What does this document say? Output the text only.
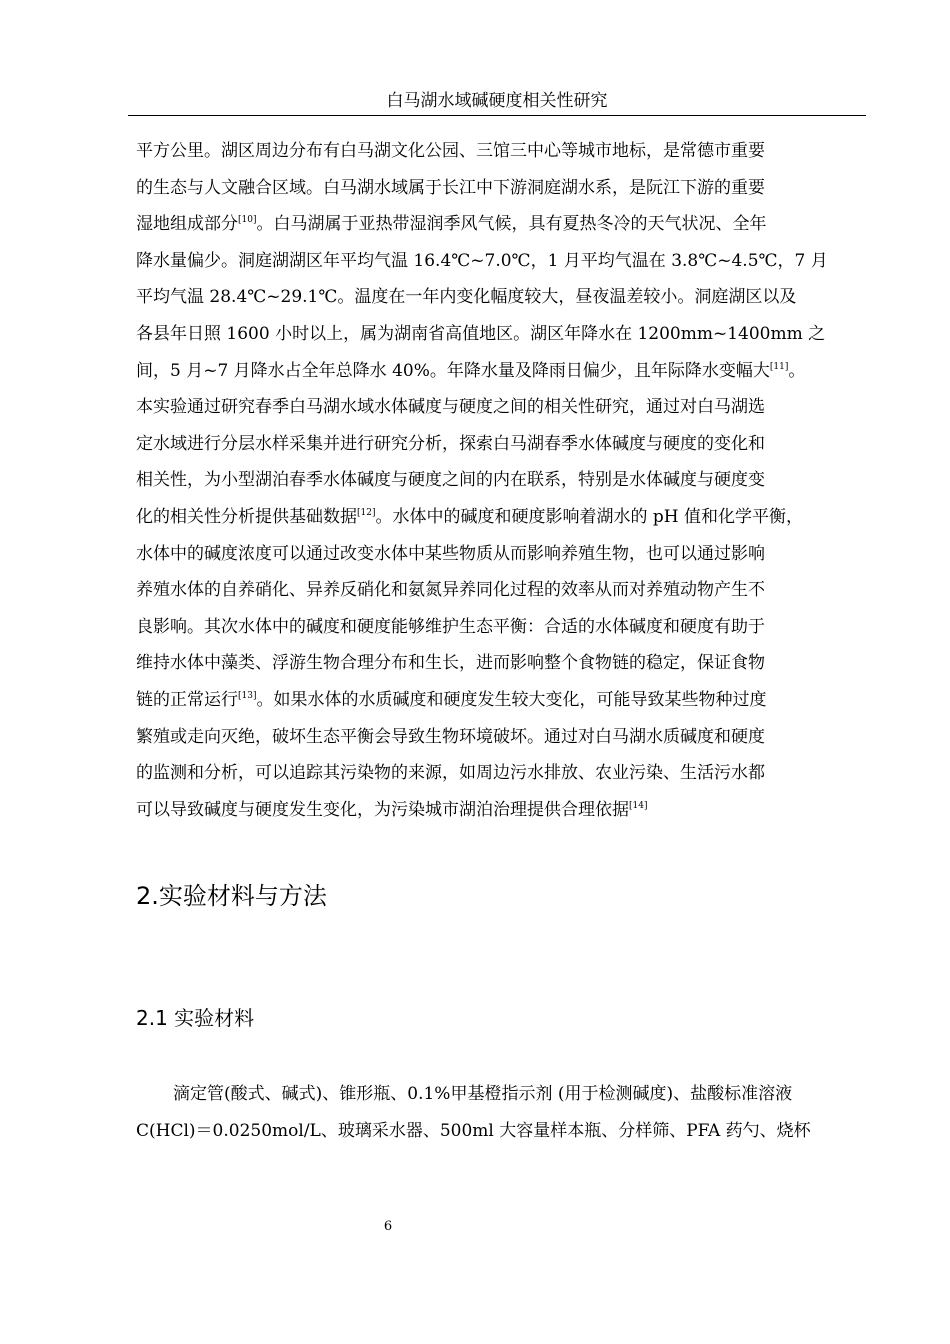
白马湖水域碱硬度相关性研究
平方公里。湖区周边分布有白马湖文化公园、三馆三中心等城市地标，是常德市重要
的生态与人文融合区域。白马湖水域属于长江中下游洞庭湖水系，是阮江下游的重要
湿地组成部分[10]。白马湖属于亚热带湿润季风气候，具有夏热冬冷的天气状况、全年
降水量偏少。洞庭湖湖区年平均气温 16.4℃~7.0℃，1 月平均气温在 3.8℃~4.5℃，7 月
平均气温 28.4℃~29.1℃。温度在一年内变化幅度较大，昼夜温差较小。洞庭湖区以及
各县年日照 1600 小时以上，属为湖南省高值地区。湖区年降水在 1200mm~1400mm 之
间，5 月~7 月降水占全年总降水 40%。年降水量及降雨日偏少，且年际降水变幅大[11]。
本实验通过研究春季白马湖水域水体碱度与硬度之间的相关性研究，通过对白马湖选
定水域进行分层水样采集并进行研究分析，探索白马湖春季水体碱度与硬度的变化和
相关性，为小型湖泊春季水体碱度与硬度之间的内在联系，特别是水体碱度与硬度变
化的相关性分析提供基础数据[12]。水体中的碱度和硬度影响着湖水的 pH 值和化学平衡，
水体中的碱度浓度可以通过改变水体中某些物质从而影响养殖生物，也可以通过影响
养殖水体的自养硝化、异养反硝化和氨氮异养同化过程的效率从而对养殖动物产生不
良影响。其次水体中的碱度和硬度能够维护生态平衡：合适的水体碱度和硬度有助于
维持水体中藻类、浮游生物合理分布和生长，进而影响整个食物链的稳定，保证食物
链的正常运行[13]。如果水体的水质碱度和硬度发生较大变化，可能导致某些物种过度
繁殖或走向灭绝，破坏生态平衡会导致生物环境破坏。通过对白马湖水质碱度和硬度
的监测和分析，可以追踪其污染物的来源，如周边污水排放、农业污染、生活污水都
可以导致碱度与硬度发生变化，为污染城市湖泊治理提供合理依据[14]
2.实验材料与方法
2.1 实验材料
滴定管(酸式、碱式)、锥形瓶、0.1%甲基橙指示剂 (用于检测碱度)、盐酸标准溶液
C(HCl)＝0.0250mol/L、玻璃采水器、500ml 大容量样本瓶、分样筛、PFA 药勺、烧杯
6
